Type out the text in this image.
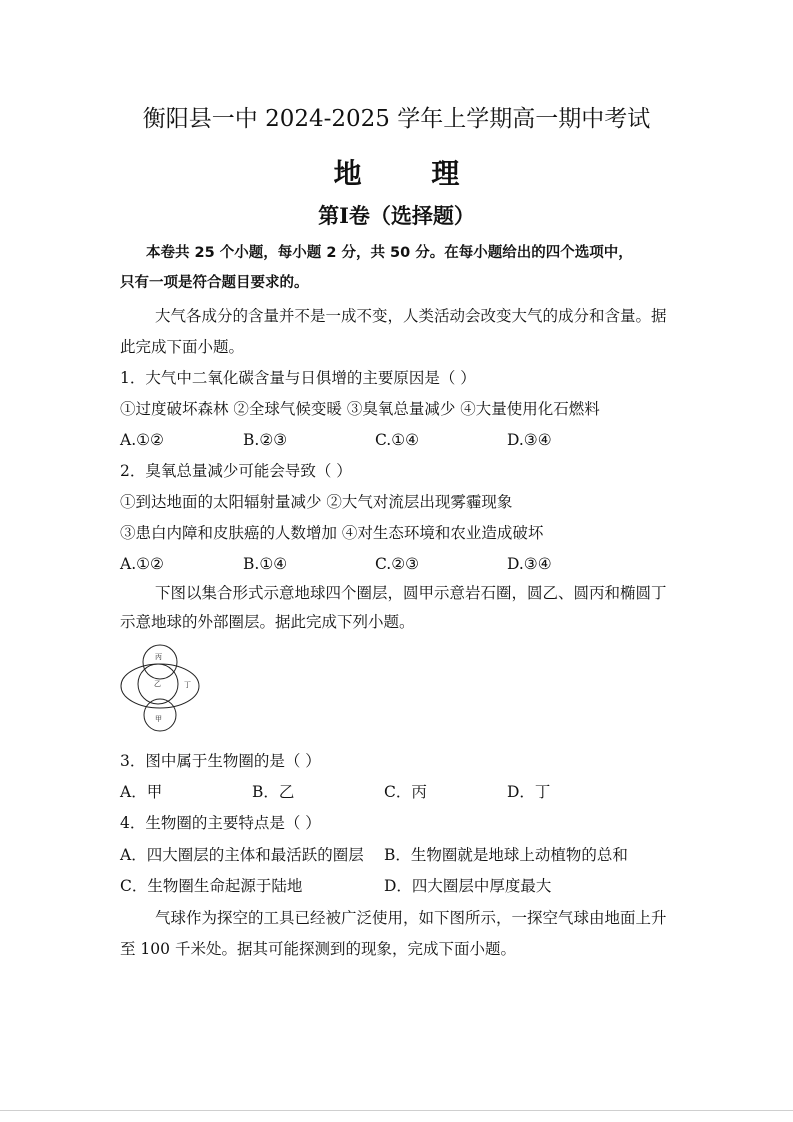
衡阳县一中 2024-2025 学年上学期高一期中考试
地 理
第Ⅰ卷（选择题）
本卷共 25 个小题，每小题 2 分，共 50 分。在每小题给出的四个选项中，
只有一项是符合题目要求的。
大气各成分的含量并不是一成不变，人类活动会改变大气的成分和含量。据
此完成下面小题。
1．大气中二氧化碳含量与日俱增的主要原因是（ ）
①过度破坏森林 ②全球气候变暖 ③臭氧总量减少 ④大量使用化石燃料
A.①②	B.②③	C.①④	D.③④
2．臭氧总量减少可能会导致（ ）
①到达地面的太阳辐射量减少 ②大气对流层出现雾霾现象
③患白内障和皮肤癌的人数增加 ④对生态环境和农业造成破坏
A.①②	B.①④	C.②③	D.③④
下图以集合形式示意地球四个圈层，圆甲示意岩石圈，圆乙、圆丙和椭圆丁
示意地球的外部圈层。据此完成下列小题。
丙
乙	丁
甲
3．图中属于生物圈的是（ ）
A．甲	B．乙	C．丙	D．丁
4．生物圈的主要特点是（ ）
A．四大圈层的主体和最活跃的圈层 B．生物圈就是地球上动植物的总和
C．生物圈生命起源于陆地	D．四大圈层中厚度最大
气球作为探空的工具已经被广泛使用，如下图所示，一探空气球由地面上升
至 100 千米处。据其可能探测到的现象，完成下面小题。
